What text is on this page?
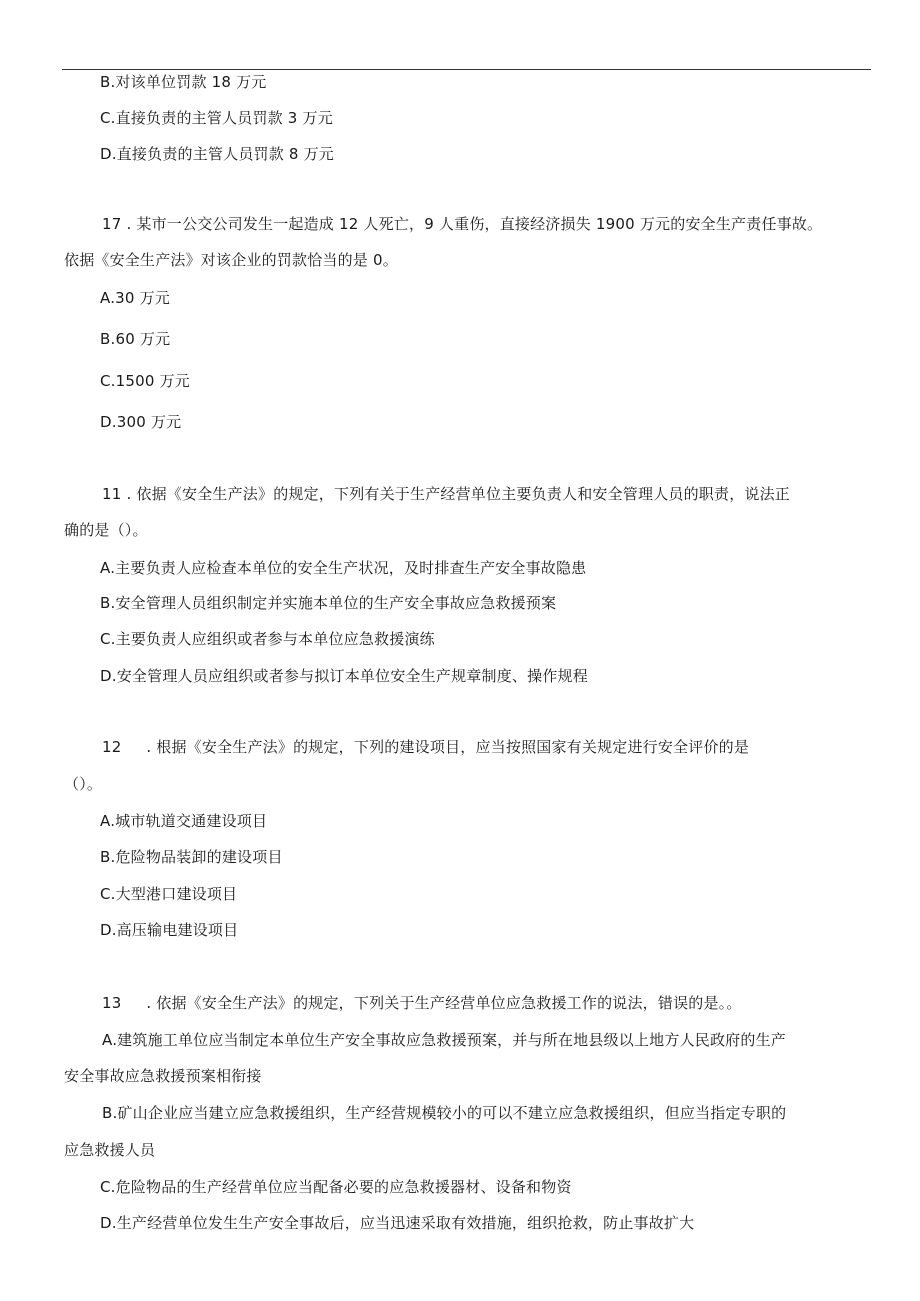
B.对该单位罚款 18 万元
C.直接负责的主管人员罚款 3 万元
D.直接负责的主管人员罚款 8 万元
17 . 某市一公交公司发生一起造成 12 人死亡，9 人重伤，直接经济损失 1900 万元的安全生产责任事故。
依据《安全生产法》对该企业的罚款恰当的是 0。
A.30 万元
B.60 万元
C.1500 万元
D.300 万元
11 . 依据《安全生产法》的规定，下列有关于生产经营单位主要负责人和安全管理人员的职责，说法正
确的是（）。
A.主要负责人应检查本单位的安全生产状况，及时排查生产安全事故隐患
B.安全管理人员组织制定并实施本单位的生产安全事故应急救援预案
C.主要负责人应组织或者参与本单位应急救援演练
D.安全管理人员应组织或者参与拟订本单位安全生产规章制度、操作规程
12     . 根据《安全生产法》的规定，下列的建设项目，应当按照国家有关规定进行安全评价的是
（）。
A.城市轨道交通建设项目
B.危险物品装卸的建设项目
C.大型港口建设项目
D.高压输电建设项目
13     . 依据《安全生产法》的规定，下列关于生产经营单位应急救援工作的说法，错误的是。。
A.建筑施工单位应当制定本单位生产安全事故应急救援预案，并与所在地县级以上地方人民政府的生产
安全事故应急救援预案相衔接
B.矿山企业应当建立应急救援组织，生产经营规模较小的可以不建立应急救援组织，但应当指定专职的
应急救援人员
C.危险物品的生产经营单位应当配备必要的应急救援器材、设备和物资
D.生产经营单位发生生产安全事故后，应当迅速采取有效措施，组织抢救，防止事故扩大
